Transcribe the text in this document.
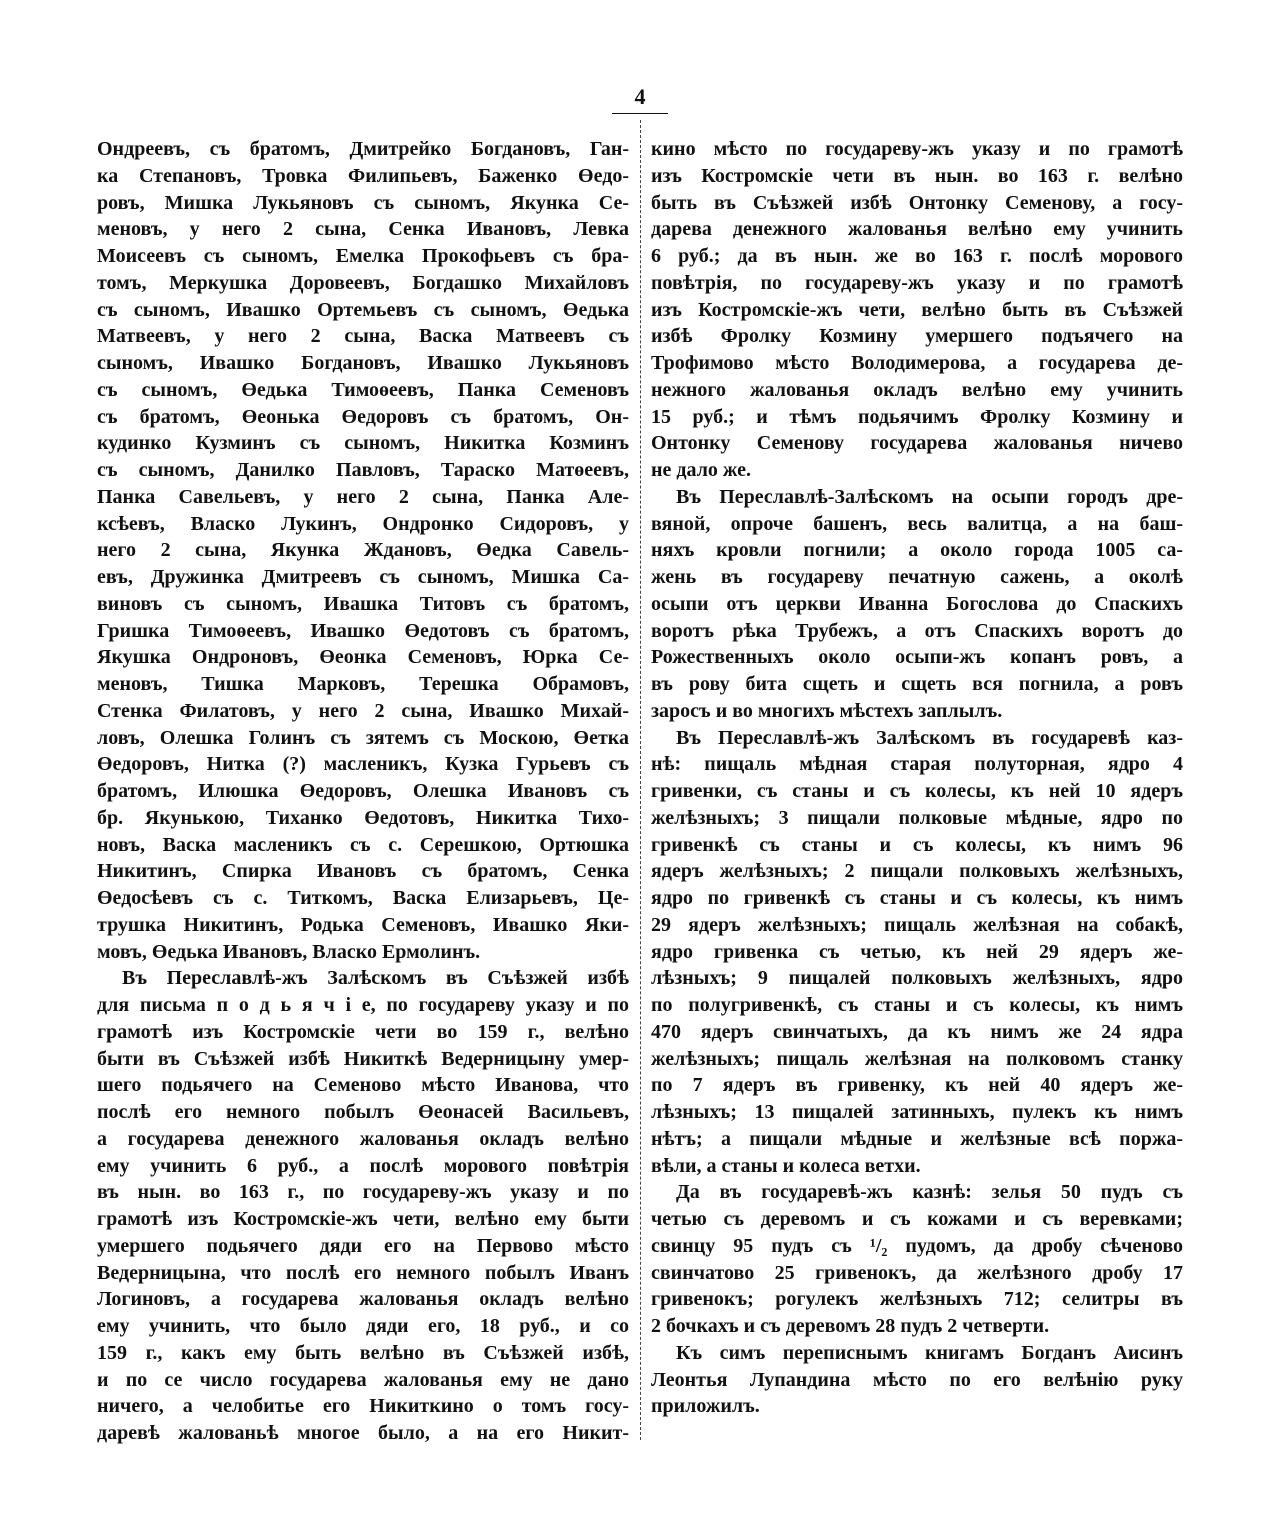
4
Ондреевъ, съ братомъ, Дмитрейко Богдановъ, Ган-
ка Степановъ, Тровка Филипьевъ, Баженко Өедо-
ровъ, Мишка Лукьяновъ съ сыномъ, Якунка Се-
меновъ, у него 2 сына, Сенка Ивановъ, Левка
Моисеевъ съ сыномъ, Емелка Прокофьевъ съ бра-
томъ, Меркушка Доровеевъ, Богдашко Михайловъ
съ сыномъ, Ивашко Ортемьевъ съ сыномъ, Өедька
Матвеевъ, у него 2 сына, Васка Матвеевъ съ
сыномъ, Ивашко Богдановъ, Ивашко Лукьяновъ
съ сыномъ, Өедька Тимоөеевъ, Панка Семеновъ
съ братомъ, Өеонька Өедоровъ съ братомъ, Он-
кудинко Кузминъ съ сыномъ, Никитка Козминъ
съ сыномъ, Данилко Павловъ, Тараско Матөеевъ,
Панка Савельевъ, у него 2 сына, Панка Але-
ксѣевъ, Власко Лукинъ, Ондронко Сидоровъ, у
него 2 сына, Якунка Ждановъ, Өедка Савель-
евъ, Дружинка Дмитреевъ съ сыномъ, Мишка Са-
виновъ съ сыномъ, Ивашка Титовъ съ братомъ,
Гришка Тимоөеевъ, Ивашко Өедотовъ съ братомъ,
Якушка Ондроновъ, Өеонка Семеновъ, Юрка Се-
меновъ, Тишка Марковъ, Терешка Обрамовъ,
Стенка Филатовъ, у него 2 сына, Ивашко Михай-
ловъ, Олешка Голинъ съ зятемъ съ Москою, Өетка
Өедоровъ, Нитка (?) масленикъ, Кузка Гурьевъ съ
братомъ, Илюшка Өедоровъ, Олешка Ивановъ съ
бр. Якунькою, Тиханко Өедотовъ, Никитка Тихо-
новъ, Васка масленикъ съ с. Серешкою, Ортюшка
Никитинъ, Спирка Ивановъ съ братомъ, Сенка
Өедосѣевъ съ с. Титкомъ, Васка Елизарьевъ, Це-
трушка Никитинъ, Родька Семеновъ, Ивашко Яки-
мовъ, Өедька Ивановъ, Власко Ермолинъ.
Въ Переславлѣ-жъ Залѣскомъ въ Съѣзжей избѣ
для письма п о д ь я ч і е, по государеву указу и по
грамотѣ изъ Костромскіе чети во 159 г., велѣно
быти въ Съѣзжей избѣ Никиткѣ Ведерницыну умер-
шего подьячего на Семеново мѣсто Иванова, что
послѣ его немного побылъ Өеонасей Васильевъ,
а государева денежного жалованья окладъ велѣно
ему учинить 6 руб., а послѣ морового повѣтрія
въ нын. во 163 г., по государеву-жъ указу и по
грамотѣ изъ Костромскіе-жъ чети, велѣно ему быти
умершего подьячего дяди его на Первово мѣсто
Ведерницына, что послѣ его немного побылъ Иванъ
Логиновъ, а государева жалованья окладъ велѣно
ему учинить, что было дяди его, 18 руб., и со
159 г., какъ ему быть велѣно въ Съѣзжей избѣ,
и по се число государева жалованья ему не дано
ничего, а челобитье его Никиткино о томъ госу-
даревѣ жалованьѣ многое было, а на его Никит-
кино мѣсто по государеву-жъ указу и по грамотѣ
изъ Костромскіе чети въ нын. во 163 г. велѣно
быть въ Съѣзжей избѣ Онтонку Семенову, а госу-
дарева денежного жалованья велѣно ему учинить
6 руб.; да въ нын. же во 163 г. послѣ морового
повѣтрія, по государеву-жъ указу и по грамотѣ
изъ Костромскіе-жъ чети, велѣно быть въ Съѣзжей
избѣ Фролку Козмину умершего подъячего на
Трофимово мѣсто Володимерова, а государева де-
нежного жалованья окладъ велѣно ему учинить
15 руб.; и тѣмъ подьячимъ Фролку Козмину и
Онтонку Семенову государева жалованья ничево
не дало же.
Въ Переславлѣ-Залѣскомъ на осыпи городъ дре-
вяной, опроче башенъ, весь валитца, а на баш-
няхъ кровли погнили; а около города 1005 са-
жень въ государеву печатную сажень, а околѣ
осыпи отъ церкви Иванна Богослова до Спаскихъ
воротъ рѣка Трубежъ, а отъ Спаскихъ воротъ до
Рожественныхъ около осыпи-жъ копанъ ровъ, а
въ рову бита сщеть и сщеть вся погнила, а ровъ
заросъ и во многихъ мѣстехъ заплылъ.
Въ Переславлѣ-жъ Залѣскомъ въ государевѣ каз-
нѣ: пищаль мѣдная старая полуторная, ядро 4
гривенки, съ станы и съ колесы, къ ней 10 ядеръ
желѣзныхъ; 3 пищали полковые мѣдные, ядро по
гривенкѣ съ станы и съ колесы, къ нимъ 96
ядеръ желѣзныхъ; 2 пищали полковыхъ желѣзныхъ,
ядро по гривенкѣ съ станы и съ колесы, къ нимъ
29 ядеръ желѣзныхъ; пищаль желѣзная на собакѣ,
ядро гривенка съ четью, къ ней 29 ядеръ же-
лѣзныхъ; 9 пищалей полковыхъ желѣзныхъ, ядро
по полугривенкѣ, съ станы и съ колесы, къ нимъ
470 ядеръ свинчатыхъ, да къ нимъ же 24 ядра
желѣзныхъ; пищаль желѣзная на полковомъ станку
по 7 ядеръ въ гривенку, къ ней 40 ядеръ же-
лѣзныхъ; 13 пищалей затинныхъ, пулекъ къ нимъ
нѣтъ; а пищали мѣдные и желѣзные всѣ поржа-
вѣли, а станы и колеса ветхи.
Да въ государевѣ-жъ казнѣ: зелья 50 пудъ съ
четью съ деревомъ и съ кожами и съ веревками;
свинцу 95 пудъ съ ¹/₂ пудомъ, да дробу сѣченово
свинчатово 25 гривенокъ, да желѣзного дробу 17
гривенокъ; рогулекъ желѣзныхъ 712; селитры въ
2 бочкахъ и съ деревомъ 28 пудъ 2 четверти.
Къ симъ переписнымъ книгамъ Богданъ Аисинъ
Леонтья Лупандина мѣсто по его велѣнію руку
приложилъ.
